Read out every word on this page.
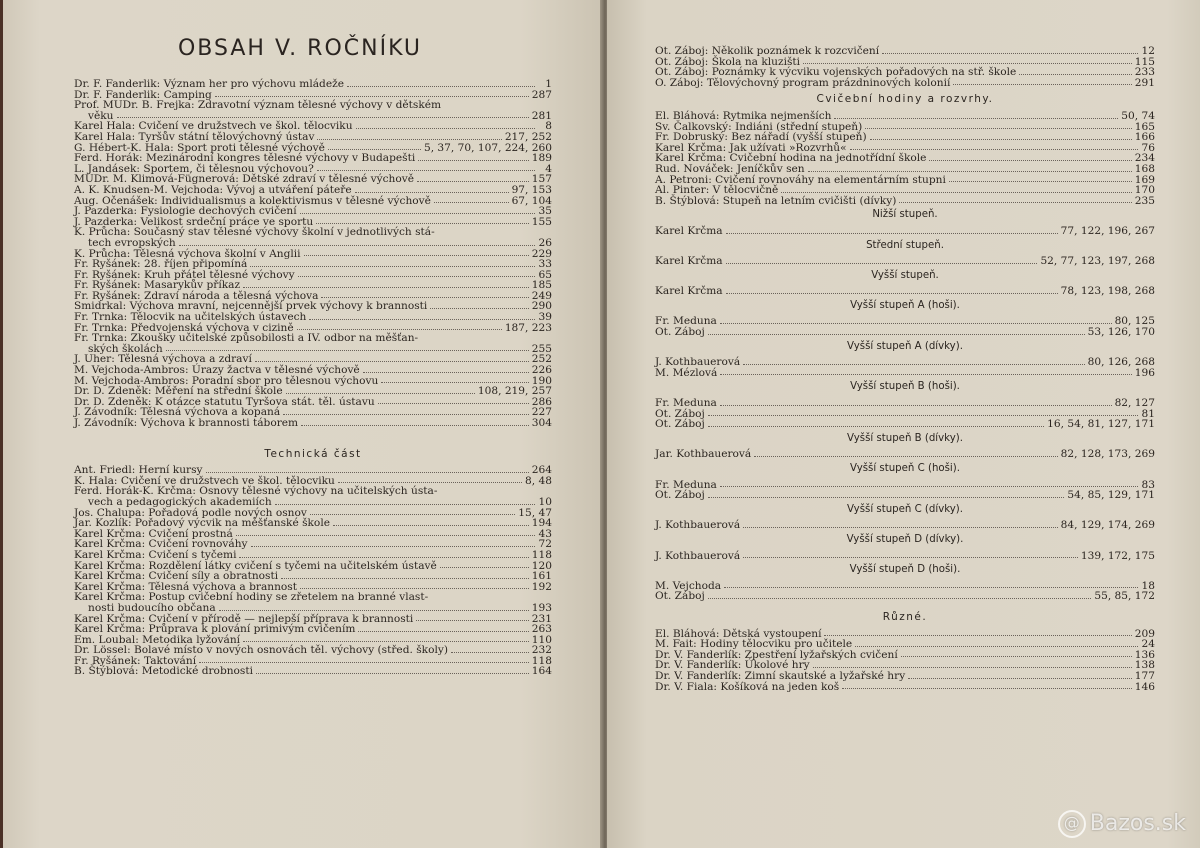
OBSAH V. ROČNÍKU
Dr. F. Fanderlik: Význam her pro výchovu mládeže	1
Dr. F. Fanderlik: Camping	287
Prof. MUDr. B. Frejka: Zdravotní význam tělesné výchovy v dětském
věku	281
Karel Hala: Cvičení ve družstvech ve škol. tělocviku	8
Karel Hala: Tyršův státní tělovýchovný ústav	217, 252
G. Hébert-K. Hala: Sport proti tělesné výchově	5, 37, 70, 107, 224, 260
Ferd. Horák: Mezinárodní kongres tělesné výchovy v Budapešti	189
L. Jandásek: Sportem, či tělesnou výchovou?	4
MUDr. M. Klimová-Fügnerová: Dětské zdraví v tělesné výchově	157
A. K. Knudsen-M. Vejchoda: Vývoj a utváření páteře	97, 153
Aug. Očenášek: Individualismus a kolektivismus v tělesné výchově	67, 104
J. Pazderka: Fysiologie dechových cvičení	35
J. Pazderka: Velikost srdeční práce ve sportu	155
K. Průcha: Současný stav tělesné výchovy školní v jednotlivých stá-
tech evropských	26
K. Průcha: Tělesná výchova školní v Anglii	229
Fr. Ryšánek: 28. říjen připomíná	33
Fr. Ryšánek: Kruh přátel tělesné výchovy	65
Fr. Ryšánek: Masarykův příkaz	185
Fr. Ryšánek: Zdraví národa a tělesná výchova	249
Smidrkal: Výchova mravní, nejcennější prvek výchovy k brannosti	290
Fr. Trnka: Tělocvik na učitelských ústavech	39
Fr. Trnka: Předvojenská výchova v cizině	187, 223
Fr. Trnka: Zkoušky učitelské způsobilosti a IV. odbor na měšťan-
ských školách	255
J. Uher: Tělesná výchova a zdraví	252
M. Vejchoda-Ambros: Úrazy žactva v tělesné výchově	226
M. Vejchoda-Ambros: Poradní sbor pro tělesnou výchovu	190
Dr. D. Zdeněk: Měření na střední škole	108, 219, 257
Dr. D. Zdeněk: K otázce statutu Tyršova stát. těl. ústavu	286
J. Závodník: Tělesná výchova a kopaná	227
J. Závodník: Výchova k brannosti táborem	304
Technická část
Ant. Friedl: Herní kursy	264
K. Hala: Cvičení ve družstvech ve škol. tělocviku	8, 48
Ferd. Horák-K. Krčma: Osnovy tělesné výchovy na učitelských ústa-
vech a pedagogických akademiích	10
Jos. Chalupa: Pořadová podle nových osnov	15, 47
Jar. Kozlík: Pořadový výcvik na měšťanské škole	194
Karel Krčma: Cvičení prostná	43
Karel Krčma: Cvičení rovnováhy	72
Karel Krčma: Cvičení s tyčemi	118
Karel Krčma: Rozdělení látky cvičení s tyčemi na učitelském ústavě	120
Karel Krčma: Cvičení síly a obratnosti	161
Karel Krčma: Tělesná výchova a brannost	192
Karel Krčma: Postup cvičební hodiny se zřetelem na branné vlast-
nosti budoucího občana	193
Karel Krčma: Cvičení v přírodě — nejlepší příprava k brannosti	231
Karel Krčma: Průprava k plování primivým cvičením	263
Em. Loubal: Metodika lyžování	110
Dr. Lössel: Bolavé místo v nových osnovách těl. výchovy (střed. školy)	232
Fr. Ryšánek: Taktování	118
B. Štýblová: Metodické drobnosti	164
Ot. Záboj: Několik poznámek k rozcvičení	12
Ot. Záboj: Škola na kluzišti	115
Ot. Záboj: Poznámky k výcviku vojenských pořadových na stř. škole	233
O. Záboj: Tělovýchovný program prázdninových kolonií	291
Cvičební hodiny a rozvrhy.
El. Bláhová: Rytmika nejmenších	50, 74
Sv. Čalkovský: Indiáni (střední stupeň)	165
Fr. Dobruský: Bez nářadí (vyšší stupeň)	166
Karel Krčma: Jak užívati »Rozvrhů«	76
Karel Krčma: Cvičební hodina na jednotřídní škole	234
Rud. Nováček: Jeníčkův sen	168
A. Petroni: Cvičení rovnováhy na elementárním stupni	169
Al. Pinter: V tělocvičně	170
B. Štýblová: Stupeň na letním cvičišti (dívky)	235
Nižší stupeň.
Karel Krčma	77, 122, 196, 267
Střední stupeň.
Karel Krčma	52, 77, 123, 197, 268
Vyšší stupeň.
Karel Krčma	78, 123, 198, 268
Vyšší stupeň A (hoši).
Fr. Meduna	80, 125
Ot. Záboj	53, 126, 170
Vyšší stupeň A (dívky).
J. Kothbauerová	80, 126, 268
M. Mézlová	196
Vyšší stupeň B (hoši).
Fr. Meduna	82, 127
Ot. Záboj	81
Ot. Záboj	16, 54, 81, 127, 171
Vyšší stupeň B (dívky).
Jar. Kothbauerová	82, 128, 173, 269
Vyšší stupeň C (hoši).
Fr. Meduna	83
Ot. Záboj	54, 85, 129, 171
Vyšší stupeň C (dívky).
J. Kothbauerová	84, 129, 174, 269
Vyšší stupeň D (dívky).
J. Kothbauerová	139, 172, 175
Vyšší stupeň D (hoši).
M. Vejchoda	18
Ot. Záboj	55, 85, 172
Různé.
El. Bláhová: Dětská vystoupení	209
M. Fait: Hodiny tělocviku pro učitele	24
Dr. V. Fanderlík: Zpestření lyžařských cvičení	136
Dr. V. Fanderlík: Úkolové hry	138
Dr. V. Fanderlík: Zimní skautské a lyžařské hry	177
Dr. V. Fiala: Košíková na jeden koš	146
@ Bazos.sk
